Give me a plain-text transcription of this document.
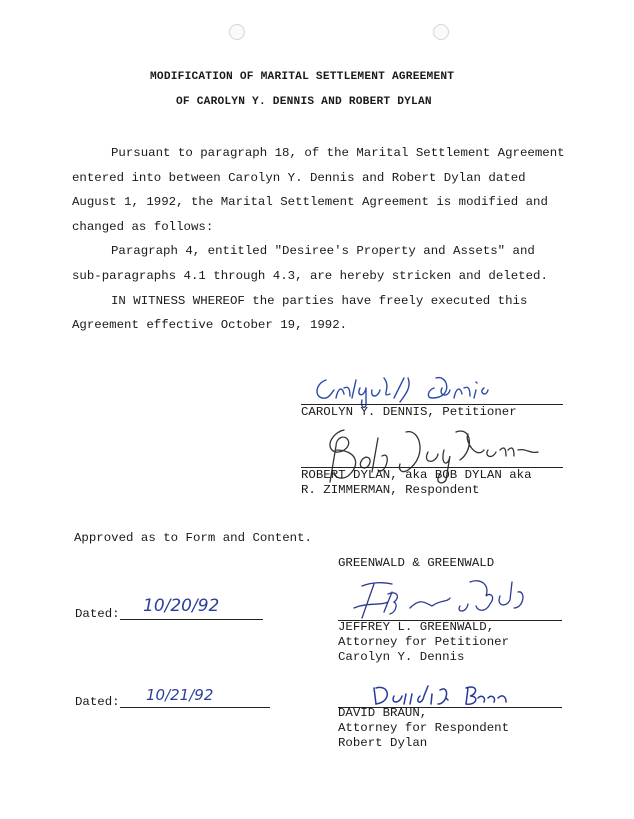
MODIFICATION OF MARITAL SETTLEMENT AGREEMENT
OF CAROLYN Y. DENNIS AND ROBERT DYLAN
Pursuant to paragraph 18, of the Marital Settlement Agreement
entered into between Carolyn Y. Dennis and Robert Dylan dated
August 1, 1992, the Marital Settlement Agreement is modified and
changed as follows:
Paragraph 4, entitled "Desiree's Property and Assets" and
sub-paragraphs 4.1 through 4.3, are hereby stricken and deleted.
IN WITNESS WHEREOF the parties have freely executed this
Agreement effective October 19, 1992.
CAROLYN Y. DENNIS, Petitioner
ROBERT DYLAN, aka BOB DYLAN aka
R. ZIMMERMAN, Respondent
Approved as to Form and Content.
GREENWALD & GREENWALD
Dated: 10/20/92
JEFFREY L. GREENWALD,
Attorney for Petitioner
Carolyn Y. Dennis
Dated: 10/21/92
DAVID BRAUN,
Attorney for Respondent
Robert Dylan
